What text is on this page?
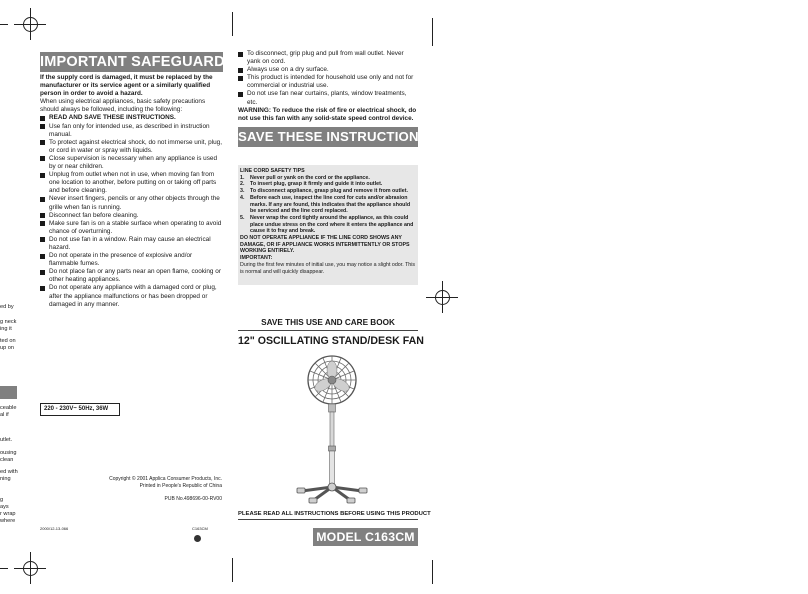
ed by
g neck
ing it
ted on
up on
ceable
al if
utlet.
ousing
clean
ed with
ning
g
ays
r wrap
where
IMPORTANT SAFEGUARDS
If the supply cord is damaged, it must be replaced by the manufacturer or its service agent or a similarly qualified person in order to avoid a hazard.
When using electrical appliances, basic safety precautions should always be followed, including the following:
READ AND SAVE THESE INSTRUCTIONS.
Use fan only for intended use, as described in instruction manual.
To protect against electrical shock, do not immerse unit, plug, or cord in water or spray with liquids.
Close supervision is necessary when any appliance is used by or near children.
Unplug from outlet when not in use, when moving fan from one location to another, before putting on or taking off parts and before cleaning.
Never insert fingers, pencils or any other objects through the grille when fan is running.
Disconnect fan before cleaning.
Make sure fan is on a stable surface when operating to avoid chance of overturning.
Do not use fan in a window. Rain may cause an electrical hazard.
Do not operate in the presence of explosive and/or flammable fumes.
Do not place fan or any parts near an open flame, cooking or other heating appliances.
Do not operate any appliance with a damaged cord or plug, after the appliance malfunctions or has been dropped or damaged in any manner.
220 - 230V~ 50Hz, 36W
Copyright © 2001 Applica Consumer Products, Inc.
Printed in People's Republic of China
PUB No.498696-00-RV00
2000/12-13-066	C163CM
To disconnect, grip plug and pull from wall outlet. Never yank on cord.
Always use on a dry surface.
This product is intended for household use only and not for commercial or industrial use.
Do not use fan near curtains, plants, window treatments, etc.
WARNING: To reduce the risk of fire or electrical shock, do not use this fan with any solid-state speed control device.
SAVE THESE INSTRUCTIONS
LINE CORD SAFETY TIPS
1. Never pull or yank on the cord or the appliance.
2. To insert plug, grasp it firmly and guide it into outlet.
3. To disconnect appliance, grasp plug and remove it from outlet.
4. Before each use, inspect the line cord for cuts and/or abrasion marks. If any are found, this indicates that the appliance should be serviced and the line cord replaced.
5. Never wrap the cord tightly around the appliance, as this could place undue stress on the cord where it enters the appliance and cause it to fray and break.
DO NOT OPERATE APPLIANCE IF THE LINE CORD SHOWS ANY DAMAGE, OR IF APPLIANCE WORKS INTERMITTENTLY OR STOPS WORKING ENTIRELY.
IMPORTANT:
During the first few minutes of initial use, you may notice a slight odor. This is normal and will quickly disappear.
SAVE THIS USE AND CARE BOOK
12" OSCILLATING STAND/DESK FAN
PLEASE READ ALL INSTRUCTIONS BEFORE USING THIS PRODUCT
MODEL C163CM
